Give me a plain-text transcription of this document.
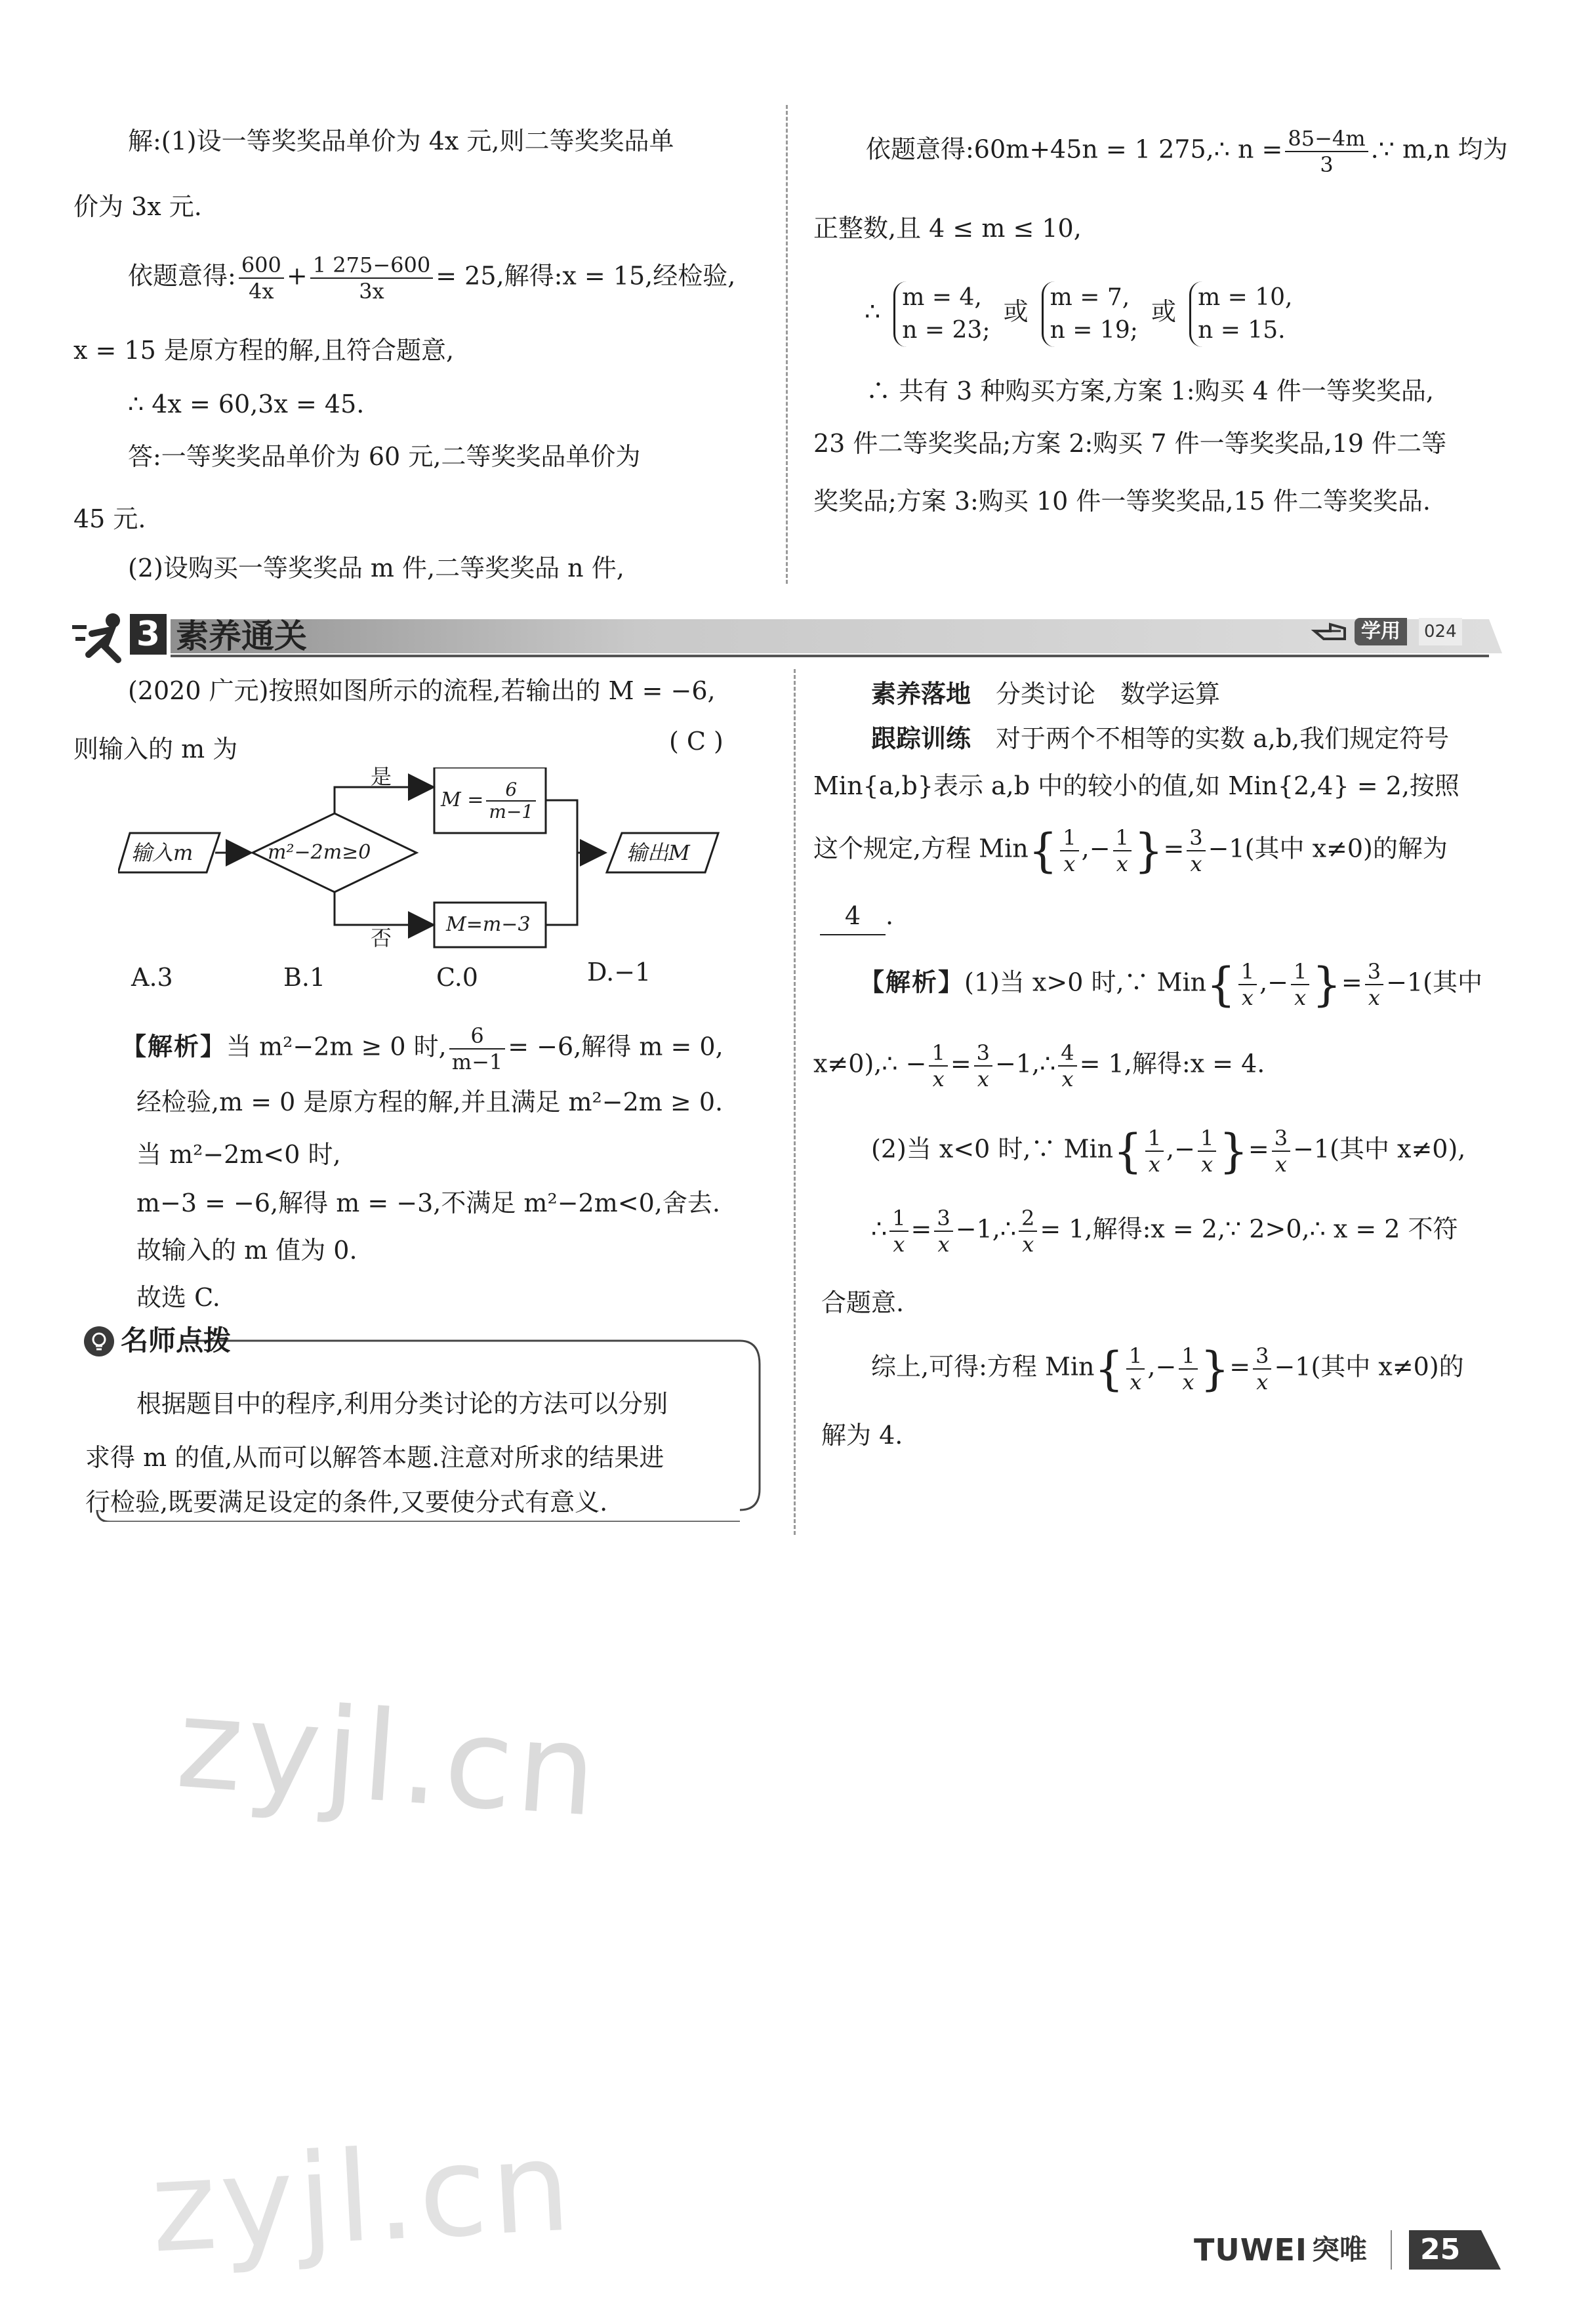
解:(1)设一等奖奖品单价为 4x 元,则二等奖奖品单
价为 3x 元.
依题意得: $\frac{600}{4x} + \frac{1 275-600}{3x} = 25$,解得:x = 15,经检验,
x = 15 是原方程的解,且符合题意,
∴ 4x = 60,3x = 45.
答:一等奖奖品单价为 60 元,二等奖奖品单价为
45 元.
(2)设购买一等奖奖品 m 件,二等奖奖品 n 件,
依题意得:60m+45n = 1 275,∴ $n = \frac{85-4m}{3}$ .∵ m,n 均为
正整数,且 4 ≤ m ≤ 10,
∴ m = 4,
n = 23;
或 m = 7,
n = 19;
或 m = 10,
n = 15.
∴ 共有 3 种购买方案,方案 1:购买 4 件一等奖奖品,
23 件二等奖奖品;方案 2:购买 7 件一等奖奖品,19 件二等
奖奖品;方案 3:购买 10 件一等奖奖品,15 件二等奖奖品.
3 素养通关	学用	024
(2020 广元)按照如图所示的流程,若输出的 M = −6,
则输入的 m 为	( C )
输入m	m²−2m≥0
是
否
$M = \frac{6}{m-1}$
M=m−3
输出M
A.3	B.1	C.0	D.−1
【解析】当 m²−2m ≥ 0 时, $\frac{6}{m-1} = -6$,解得 m = 0,
经检验,m = 0 是原方程的解,并且满足 m²−2m ≥ 0.
当 m²−2m<0 时,
m−3 = −6,解得 m = −3,不满足 m²−2m<0,舍去.
故输入的 m 值为 0.
故选 C.
名师点拨
根据题目中的程序,利用分类讨论的方法可以分别
求得 m 的值,从而可以解答本题.注意对所求的结果进
行检验,既要满足设定的条件,又要使分式有意义.
素养落地　 分类讨论　数学运算
跟踪训练　 对于两个不相等的实数 a,b,我们规定符号
Min{a,b}表示 a,b 中的较小的值,如 Min{2,4} = 2,按照
这个规定,方程 $Min\{ \frac{1}{x}$ ,− $\frac{1}{x}$ }= $\frac{3}{x} -1$(其中 x≠0)的解为
4 .
【解析】(1)当 x>0 时,∵ $Min\{ \frac{1}{x}$ ,− $\frac{1}{x}$ }= $\frac{3}{x} -1$(其中
x≠0),∴ − $\frac{1}{x} = \frac{3}{x}$ −1,∴ $\frac{4}{x} = 1$,解得:x = 4.
(2)当 x<0 时,∵ $Min\{ \frac{1}{x}$ ,− $\frac{1}{x}$ }= $\frac{3}{x} -1$(其中 x≠0),
∴ $\frac{1}{x} = \frac{3}{x}$ −1,∴ $\frac{2}{x} = 1$,解得:x = 2,∵ 2>0,∴ x = 2 不符
合题意.
综上,可得:方程 $Min\{ \frac{1}{x}$ ,− $\frac{1}{x}$ }= $\frac{3}{x} -1$(其中 x≠0)的
解为 4.
zyjl.cn
zyjl.cn	TUWEI 突唯 25
